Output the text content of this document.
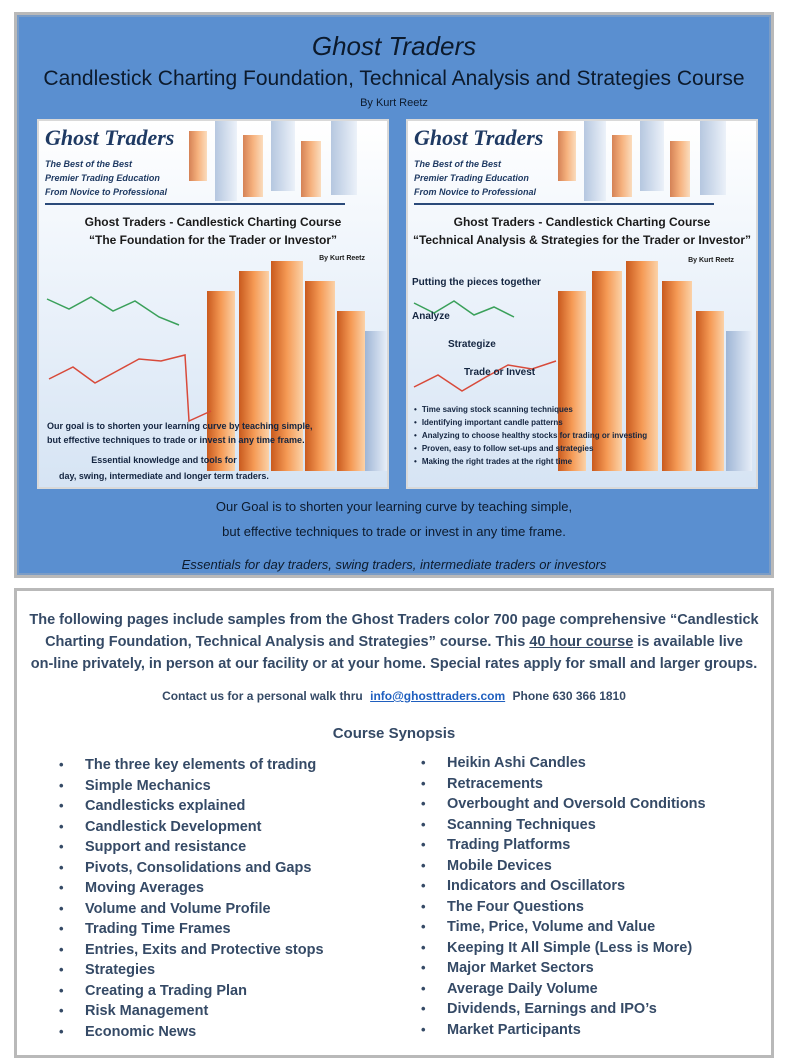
Ghost Traders
Candlestick Charting Foundation, Technical Analysis and Strategies Course
By Kurt Reetz
Ghost Traders
The Best of the Best
Premier Trading Education
From Novice to Professional
Ghost Traders - Candlestick Charting Course
“The Foundation for the Trader or Investor”
By Kurt Reetz
Our goal is to shorten your learning curve by teaching simple,
but effective techniques to trade or invest in any time frame.
Essential knowledge and tools for
day, swing, intermediate and longer term traders.
Ghost Traders
The Best of the Best
Premier Trading Education
From Novice to Professional
Ghost Traders - Candlestick Charting Course
“Technical Analysis & Strategies for the Trader or Investor”
By Kurt Reetz
Putting the pieces together
Analyze
Strategize
Trade or Invest
• Time saving stock scanning techniques
• Identifying important candle patterns
• Analyzing to choose healthy stocks for trading or investing
• Proven, easy to follow set-ups and strategies
• Making the right trades at the right time
Our Goal is to shorten your learning curve by teaching simple,
but effective techniques to trade or invest in any time frame.
Essentials for day traders, swing traders, intermediate traders or investors
The following pages include samples from the Ghost Traders color 700 page comprehensive “Candlestick
Charting Foundation, Technical Analysis and Strategies” course. This 40 hour course is available live
on-line privately, in person at our facility or at your home. Special rates apply for small and larger groups.
Contact us for a personal walk thru info@ghosttraders.com Phone 630 366 1810
Course Synopsis
• The three key elements of trading
• Simple Mechanics
• Candlesticks explained
• Candlestick Development
• Support and resistance
• Pivots, Consolidations and Gaps
• Moving Averages
• Volume and Volume Profile
• Trading Time Frames
• Entries, Exits and Protective stops
• Strategies
• Creating a Trading Plan
• Risk Management
• Economic News
• Heikin Ashi Candles
• Retracements
• Overbought and Oversold Conditions
• Scanning Techniques
• Trading Platforms
• Mobile Devices
• Indicators and Oscillators
• The Four Questions
• Time, Price, Volume and Value
• Keeping It All Simple (Less is More)
• Major Market Sectors
• Average Daily Volume
• Dividends, Earnings and IPO’s
• Market Participants
